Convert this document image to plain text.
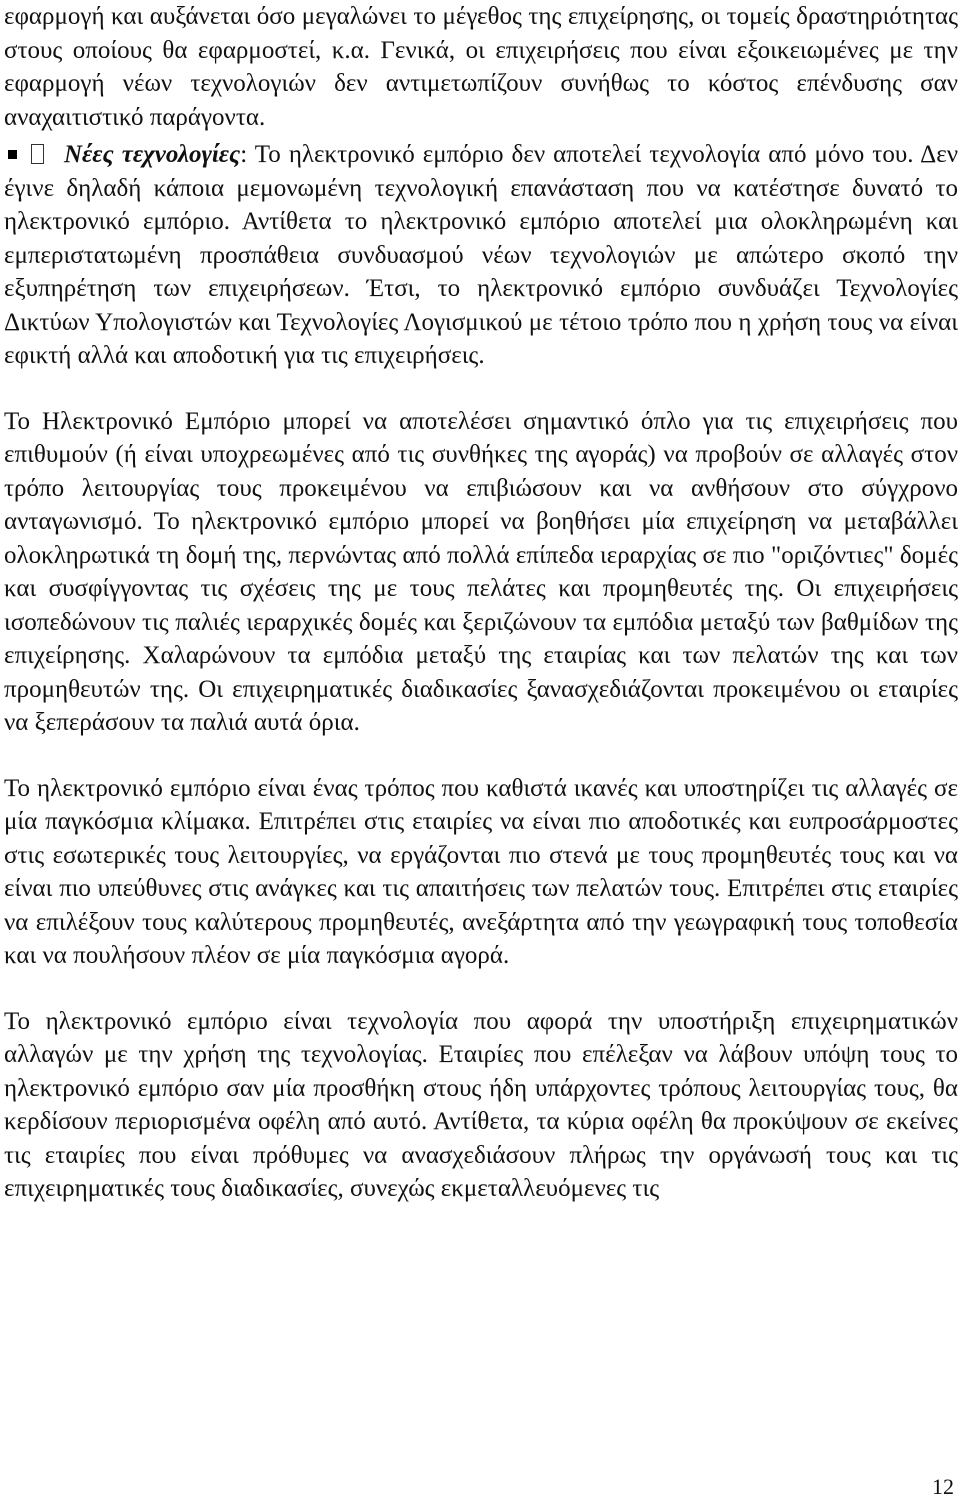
εφαρμογή και αυξάνεται όσο μεγαλώνει το μέγεθος της επιχείρησης, οι τομείς δραστηριότητας στους οποίους θα εφαρμοστεί, κ.α. Γενικά, οι επιχειρήσεις που είναι εξοικειωμένες με την εφαρμογή νέων τεχνολογιών δεν αντιμετωπίζουν συνήθως το κόστος επένδυσης σαν αναχαιτιστικό παράγοντα.

Νέες τεχνολογίες: Το ηλεκτρονικό εμπόριο δεν αποτελεί τεχνολογία από μόνο του. Δεν έγινε δηλαδή κάποια μεμονωμένη τεχνολογική επανάσταση που να κατέστησε δυνατό το ηλεκτρονικό εμπόριο. Αντίθετα το ηλεκτρονικό εμπόριο αποτελεί μια ολοκληρωμένη και εμπεριστατωμένη προσπάθεια συνδυασμού νέων τεχνολογιών με απώτερο σκοπό την εξυπηρέτηση των επιχειρήσεων. Έτσι, το ηλεκτρονικό εμπόριο συνδυάζει Τεχνολογίες Δικτύων Υπολογιστών και Τεχνολογίες Λογισμικού με τέτοιο τρόπο που η χρήση τους να είναι εφικτή αλλά και αποδοτική για τις επιχειρήσεις.

Το Ηλεκτρονικό Εμπόριο μπορεί να αποτελέσει σημαντικό όπλο για τις επιχειρήσεις που επιθυμούν (ή είναι υποχρεωμένες από τις συνθήκες της αγοράς) να προβούν σε αλλαγές στον τρόπο λειτουργίας τους προκειμένου να επιβιώσουν και να ανθήσουν στο σύγχρονο ανταγωνισμό. Το ηλεκτρονικό εμπόριο μπορεί να βοηθήσει μία επιχείρηση να μεταβάλλει ολοκληρωτικά τη δομή της, περνώντας από πολλά επίπεδα ιεραρχίας σε πιο "οριζόντιες" δομές και συσφίγγοντας τις σχέσεις της με τους πελάτες και προμηθευτές της. Οι επιχειρήσεις ισοπεδώνουν τις παλιές ιεραρχικές δομές και ξεριζώνουν τα εμπόδια μεταξύ των βαθμίδων της επιχείρησης. Χαλαρώνουν τα εμπόδια μεταξύ της εταιρίας και των πελατών της και των προμηθευτών της. Οι επιχειρηματικές διαδικασίες ξανασχεδιάζονται προκειμένου οι εταιρίες να ξεπεράσουν τα παλιά αυτά όρια.

Το ηλεκτρονικό εμπόριο είναι ένας τρόπος που καθιστά ικανές και υποστηρίζει τις αλλαγές σε μία παγκόσμια κλίμακα. Επιτρέπει στις εταιρίες να είναι πιο αποδοτικές και ευπροσάρμοστες στις εσωτερικές τους λειτουργίες, να εργάζονται πιο στενά με τους προμηθευτές τους και να είναι πιο υπεύθυνες στις ανάγκες και τις απαιτήσεις των πελατών τους. Επιτρέπει στις εταιρίες να επιλέξουν τους καλύτερους προμηθευτές, ανεξάρτητα από την γεωγραφική τους τοποθεσία και να πουλήσουν πλέον σε μία παγκόσμια αγορά.

Το ηλεκτρονικό εμπόριο είναι τεχνολογία που αφορά την υποστήριξη επιχειρηματικών αλλαγών με την χρήση της τεχνολογίας. Εταιρίες που επέλεξαν να λάβουν υπόψη τους το ηλεκτρονικό εμπόριο σαν μία προσθήκη στους ήδη υπάρχοντες τρόπους λειτουργίας τους, θα κερδίσουν περιορισμένα οφέλη από αυτό. Αντίθετα, τα κύρια οφέλη θα προκύψουν σε εκείνες τις εταιρίες που είναι πρόθυμες να ανασχεδιάσουν πλήρως την οργάνωσή τους και τις επιχειρηματικές τους διαδικασίες, συνεχώς εκμεταλλευόμενες τις

12
